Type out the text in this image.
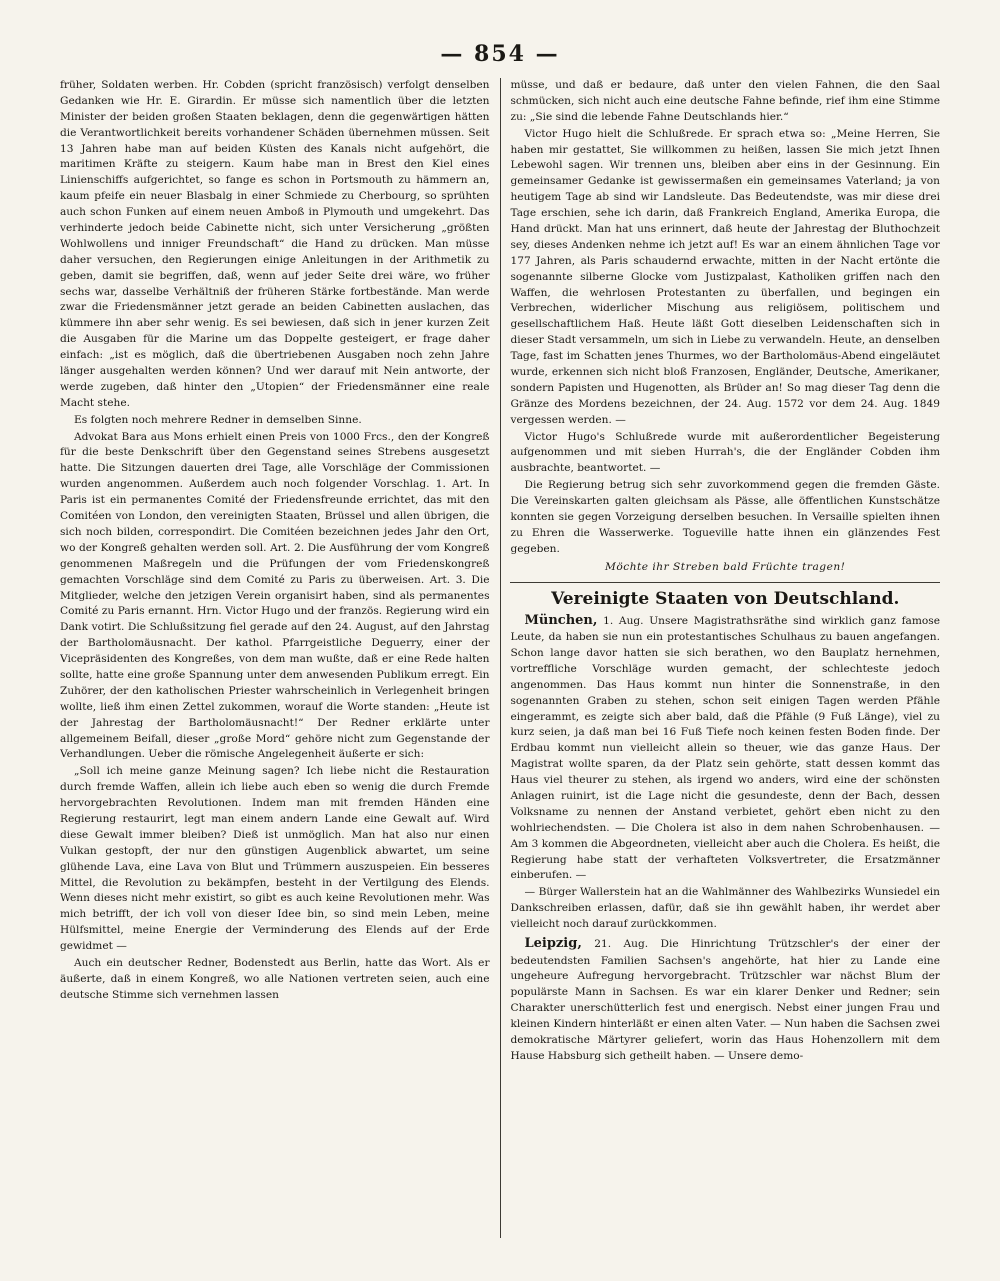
— 854 —

früher, Soldaten werben. Hr. Cobden (spricht französisch) verfolgt denselben Gedanken wie Hr. E. Girardin. Er müsse sich namentlich über die letzten Minister der beiden großen Staaten beklagen, denn die gegenwärtigen hätten die Verantwortlichkeit bereits vorhandener Schäden übernehmen müssen. Seit 13 Jahren habe man auf beiden Küsten des Kanals nicht aufgehört, die maritimen Kräfte zu steigern. Kaum habe man in Brest den Kiel eines Linienschiffs aufgerichtet, so fange es schon in Portsmouth zu hämmern an, kaum pfeife ein neuer Blasbalg in einer Schmiede zu Cherbourg, so sprühten auch schon Funken auf einem neuen Amboß in Plymouth und umgekehrt. Das verhinderte jedoch beide Cabinette nicht, sich unter Versicherung „größten Wohlwollens und inniger Freundschaft“ die Hand zu drücken. Man müsse daher versuchen, den Regierungen einige Anleitungen in der Arithmetik zu geben, damit sie begriffen, daß, wenn auf jeder Seite drei wäre, wo früher sechs war, dasselbe Verhältniß der früheren Stärke fortbestände. Man werde zwar die Friedensmänner jetzt gerade an beiden Cabinetten auslachen, das kümmere ihn aber sehr wenig. Es sei bewiesen, daß sich in jener kurzen Zeit die Ausgaben für die Marine um das Doppelte gesteigert, er frage daher einfach: „ist es möglich, daß die übertriebenen Ausgaben noch zehn Jahre länger ausgehalten werden können? Und wer darauf mit Nein antworte, der werde zugeben, daß hinter den „Utopien“ der Friedensmänner eine reale Macht stehe.

Es folgten noch mehrere Redner in demselben Sinne.

Advokat Bara aus Mons erhielt einen Preis von 1000 Frcs., den der Kongreß für die beste Denkschrift über den Gegenstand seines Strebens ausgesetzt hatte. Die Sitzungen dauerten drei Tage, alle Vorschläge der Commissionen wurden angenommen. Außerdem auch noch folgender Vorschlag. 1. Art. In Paris ist ein permanentes Comité der Friedensfreunde errichtet, das mit den Comitéen von London, den vereinigten Staaten, Brüssel und allen übrigen, die sich noch bilden, correspondirt. Die Comitéen bezeichnen jedes Jahr den Ort, wo der Kongreß gehalten werden soll. Art. 2. Die Ausführung der vom Kongreß genommenen Maßregeln und die Prüfungen der vom Friedenskongreß gemachten Vorschläge sind dem Comité zu Paris zu überweisen. Art. 3. Die Mitglieder, welche den jetzigen Verein organisirt haben, sind als permanentes Comité zu Paris ernannt. Hrn. Victor Hugo und der französ. Regierung wird ein Dank votirt. Die Schlußsitzung fiel gerade auf den 24. August, auf den Jahrstag der Bartholomäusnacht. Der kathol. Pfarrgeistliche Deguerry, einer der Vicepräsidenten des Kongreßes, von dem man wußte, daß er eine Rede halten sollte, hatte eine große Spannung unter dem anwesenden Publikum erregt. Ein Zuhörer, der den katholischen Priester wahrscheinlich in Verlegenheit bringen wollte, ließ ihm einen Zettel zukommen, worauf die Worte standen: „Heute ist der Jahrestag der Bartholomäusnacht!“ Der Redner erklärte unter allgemeinem Beifall, dieser „große Mord“ gehöre nicht zum Gegenstande der Verhandlungen. Ueber die römische Angelegenheit äußerte er sich:

„Soll ich meine ganze Meinung sagen? Ich liebe nicht die Restauration durch fremde Waffen, allein ich liebe auch eben so wenig die durch Fremde hervorgebrachten Revolutionen. Indem man mit fremden Händen eine Regierung restaurirt, legt man einem andern Lande eine Gewalt auf. Wird diese Gewalt immer bleiben? Dieß ist unmöglich. Man hat also nur einen Vulkan gestopft, der nur den günstigen Augenblick abwartet, um seine glühende Lava, eine Lava von Blut und Trümmern auszuspeien. Ein besseres Mittel, die Revolution zu bekämpfen, besteht in der Vertilgung des Elends. Wenn dieses nicht mehr existirt, so gibt es auch keine Revolutionen mehr. Was mich betrifft, der ich voll von dieser Idee bin, so sind mein Leben, meine Hülfsmittel, meine Energie der Verminderung des Elends auf der Erde gewidmet —

Auch ein deutscher Redner, Bodenstedt aus Berlin, hatte das Wort. Als er äußerte, daß in einem Kongreß, wo alle Nationen vertreten seien, auch eine deutsche Stimme sich vernehmen lassen

müsse, und daß er bedaure, daß unter den vielen Fahnen, die den Saal schmücken, sich nicht auch eine deutsche Fahne befinde, rief ihm eine Stimme zu: „Sie sind die lebende Fahne Deutschlands hier.“

Victor Hugo hielt die Schlußrede. Er sprach etwa so: „Meine Herren, Sie haben mir gestattet, Sie willkommen zu heißen, lassen Sie mich jetzt Ihnen Lebewohl sagen. Wir trennen uns, bleiben aber eins in der Gesinnung. Ein gemeinsamer Gedanke ist gewissermaßen ein gemeinsames Vaterland; ja von heutigem Tage ab sind wir Landsleute. Das Bedeutendste, was mir diese drei Tage erschien, sehe ich darin, daß Frankreich England, Amerika Europa, die Hand drückt. Man hat uns erinnert, daß heute der Jahrestag der Bluthochzeit sey, dieses Andenken nehme ich jetzt auf! Es war an einem ähnlichen Tage vor 177 Jahren, als Paris schaudernd erwachte, mitten in der Nacht ertönte die sogenannte silberne Glocke vom Justizpalast, Katholiken griffen nach den Waffen, die wehrlosen Protestanten zu überfallen, und begingen ein Verbrechen, widerlicher Mischung aus religiösem, politischem und gesellschaftlichem Haß. Heute läßt Gott dieselben Leidenschaften sich in dieser Stadt versammeln, um sich in Liebe zu verwandeln. Heute, an denselben Tage, fast im Schatten jenes Thurmes, wo der Bartholomäus-Abend eingeläutet wurde, erkennen sich nicht bloß Franzosen, Engländer, Deutsche, Amerikaner, sondern Papisten und Hugenotten, als Brüder an! So mag dieser Tag denn die Gränze des Mordens bezeichnen, der 24. Aug. 1572 vor dem 24. Aug. 1849 vergessen werden. —

Victor Hugo's Schlußrede wurde mit außerordentlicher Begeisterung aufgenommen und mit sieben Hurrah's, die der Engländer Cobden ihm ausbrachte, beantwortet. —

Die Regierung betrug sich sehr zuvorkommend gegen die fremden Gäste. Die Vereinskarten galten gleichsam als Pässe, alle öffentlichen Kunstschätze konnten sie gegen Vorzeigung derselben besuchen. In Versaille spielten ihnen zu Ehren die Wasserwerke. Togueville hatte ihnen ein glänzendes Fest gegeben.

Möchte ihr Streben bald Früchte tragen!

Vereinigte Staaten von Deutschland.

München, 1. Aug. Unsere Magistrathsräthe sind wirklich ganz famose Leute, da haben sie nun ein protestantisches Schulhaus zu bauen angefangen. Schon lange davor hatten sie sich berathen, wo den Bauplatz hernehmen, vortreffliche Vorschläge wurden gemacht, der schlechteste jedoch angenommen. Das Haus kommt nun hinter die Sonnenstraße, in den sogenannten Graben zu stehen, schon seit einigen Tagen werden Pfähle eingerammt, es zeigte sich aber bald, daß die Pfähle (9 Fuß Länge), viel zu kurz seien, ja daß man bei 16 Fuß Tiefe noch keinen festen Boden finde. Der Erdbau kommt nun vielleicht allein so theuer, wie das ganze Haus. Der Magistrat wollte sparen, da der Platz sein gehörte, statt dessen kommt das Haus viel theurer zu stehen, als irgend wo anders, wird eine der schönsten Anlagen ruinirt, ist die Lage nicht die gesundeste, denn der Bach, dessen Volksname zu nennen der Anstand verbietet, gehört eben nicht zu den wohlriechendsten. — Die Cholera ist also in dem nahen Schrobenhausen. — Am 3 kommen die Abgeordneten, vielleicht aber auch die Cholera. Es heißt, die Regierung habe statt der verhafteten Volksvertreter, die Ersatzmänner einberufen. —

— Bürger Wallerstein hat an die Wahlmänner des Wahlbezirks Wunsiedel ein Dankschreiben erlassen, dafür, daß sie ihn gewählt haben, ihr werdet aber vielleicht noch darauf zurückkommen.

Leipzig, 21. Aug. Die Hinrichtung Trützschler's der einer der bedeutendsten Familien Sachsen's angehörte, hat hier zu Lande eine ungeheure Aufregung hervorgebracht. Trützschler war nächst Blum der populärste Mann in Sachsen. Es war ein klarer Denker und Redner; sein Charakter unerschütterlich fest und energisch. Nebst einer jungen Frau und kleinen Kindern hinterläßt er einen alten Vater. — Nun haben die Sachsen zwei demokratische Märtyrer geliefert, worin das Haus Hohenzollern mit dem Hause Habsburg sich getheilt haben. — Unsere demo-
